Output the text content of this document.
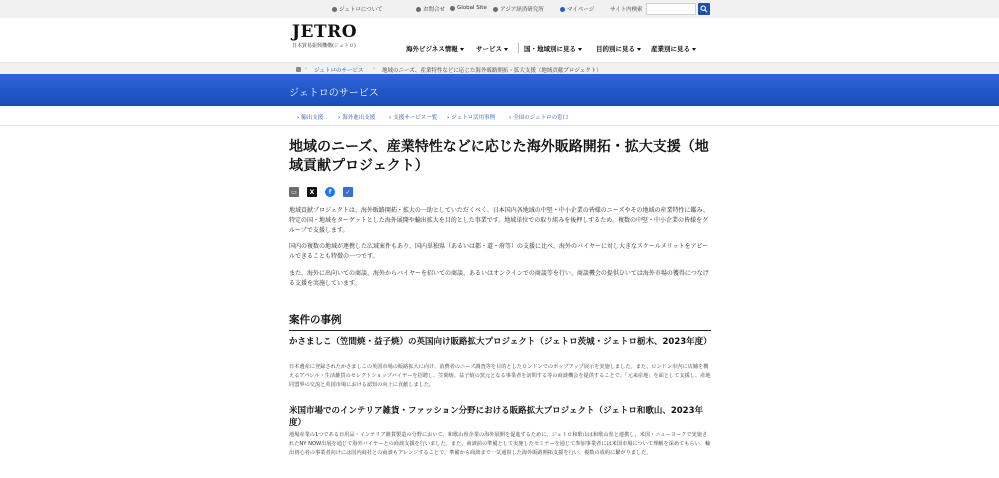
ジェトロについて	お問合せ Global Site アジア経済研究所	マイページ	サイト内検索
JETRO
日本貿易振興機構(ジェトロ)	海外ビジネス情報	サービス	国・地域別に見る	目的別に見る	産業別に見る
› ジェトロのサービス › 地域のニーズ、産業特性などに応じた海外販路開拓・拡大支援（地域貢献プロジェクト）
ジェトロのサービス
› 輸出支援	› 海外進出支援	› 支援サービス一覧	› ジェトロ活用事例	› 全国のジェトロの窓口
地域のニーズ、産業特性などに応じた海外販路開拓・拡大支援（地域貢献プロジェクト）
▭ X f ✓
地域貢献プロジェクトは、海外販路開拓・拡大の一助としていただくべく、日本国内各地域の中堅・中小企業の皆様のニーズやその地域の産業特性に鑑み、特定の国・地域をターゲットとした海外展開や輸出拡大を目的とした事業です。地域単位での取り組みを後押しするため、複数の中堅・中小企業の皆様をグループで支援します。
国内の複数の地域が連携した広域案件もあり、国内単独県（あるいは都・道・府等）の支援に比べ、海外のバイヤーに対し大きなスケールメリットをアピールできることも特徴の一つです。
また、海外に出向いての商談、海外からバイヤーを招いての商談、あるいはオンラインでの商談等を行い、商談機会の提供ひいては海外市場の獲得につなげる支援を実施しています。
案件の事例
かさましこ（笠間焼・益子焼）の英国向け販路拡大プロジェクト（ジェトロ茨城・ジェトロ栃木、2023年度）
日本遺産に登録されたかさましこの英国市場の販路拡大に向け、消費者のニーズ調査等を目的としたロンドンでのポップアップ展示を実施しました。また、ロンドン市内に店舗を構えるアパレル・生活雑貨のセレクトショップバイヤーを招聘し、笠間焼、益子焼の窯元となる事業者を訪問する等の商談機会を提供することで、「元来産地」を面として支援し、産地同盟界の交流と英国市場における認知の向上に貢献しました。
米国市場でのインテリア雑貨・ファッション分野における販路拡大プロジェクト（ジェトロ和歌山、2023年度）
地場産業の1つである日用品・インテリア雑貨製造の分野において、和歌山県企業の海外展開を促進するために、ジェトロ和歌山は和歌山県と連携し、米国・ニューヨークで実施されたNY NOW出展を通じて海外バイヤーとの商談支援を行いました。また、商談前の準備として実施したセミナーを通じて参加事業者には米国市場について理解を深めてもらい、輸出初心者の事業者向けには国内商社との商談もアレンジすることで、準備から商談まで一気通貫した海外販路開拓支援を行い、複数の成約に繋がりました。
